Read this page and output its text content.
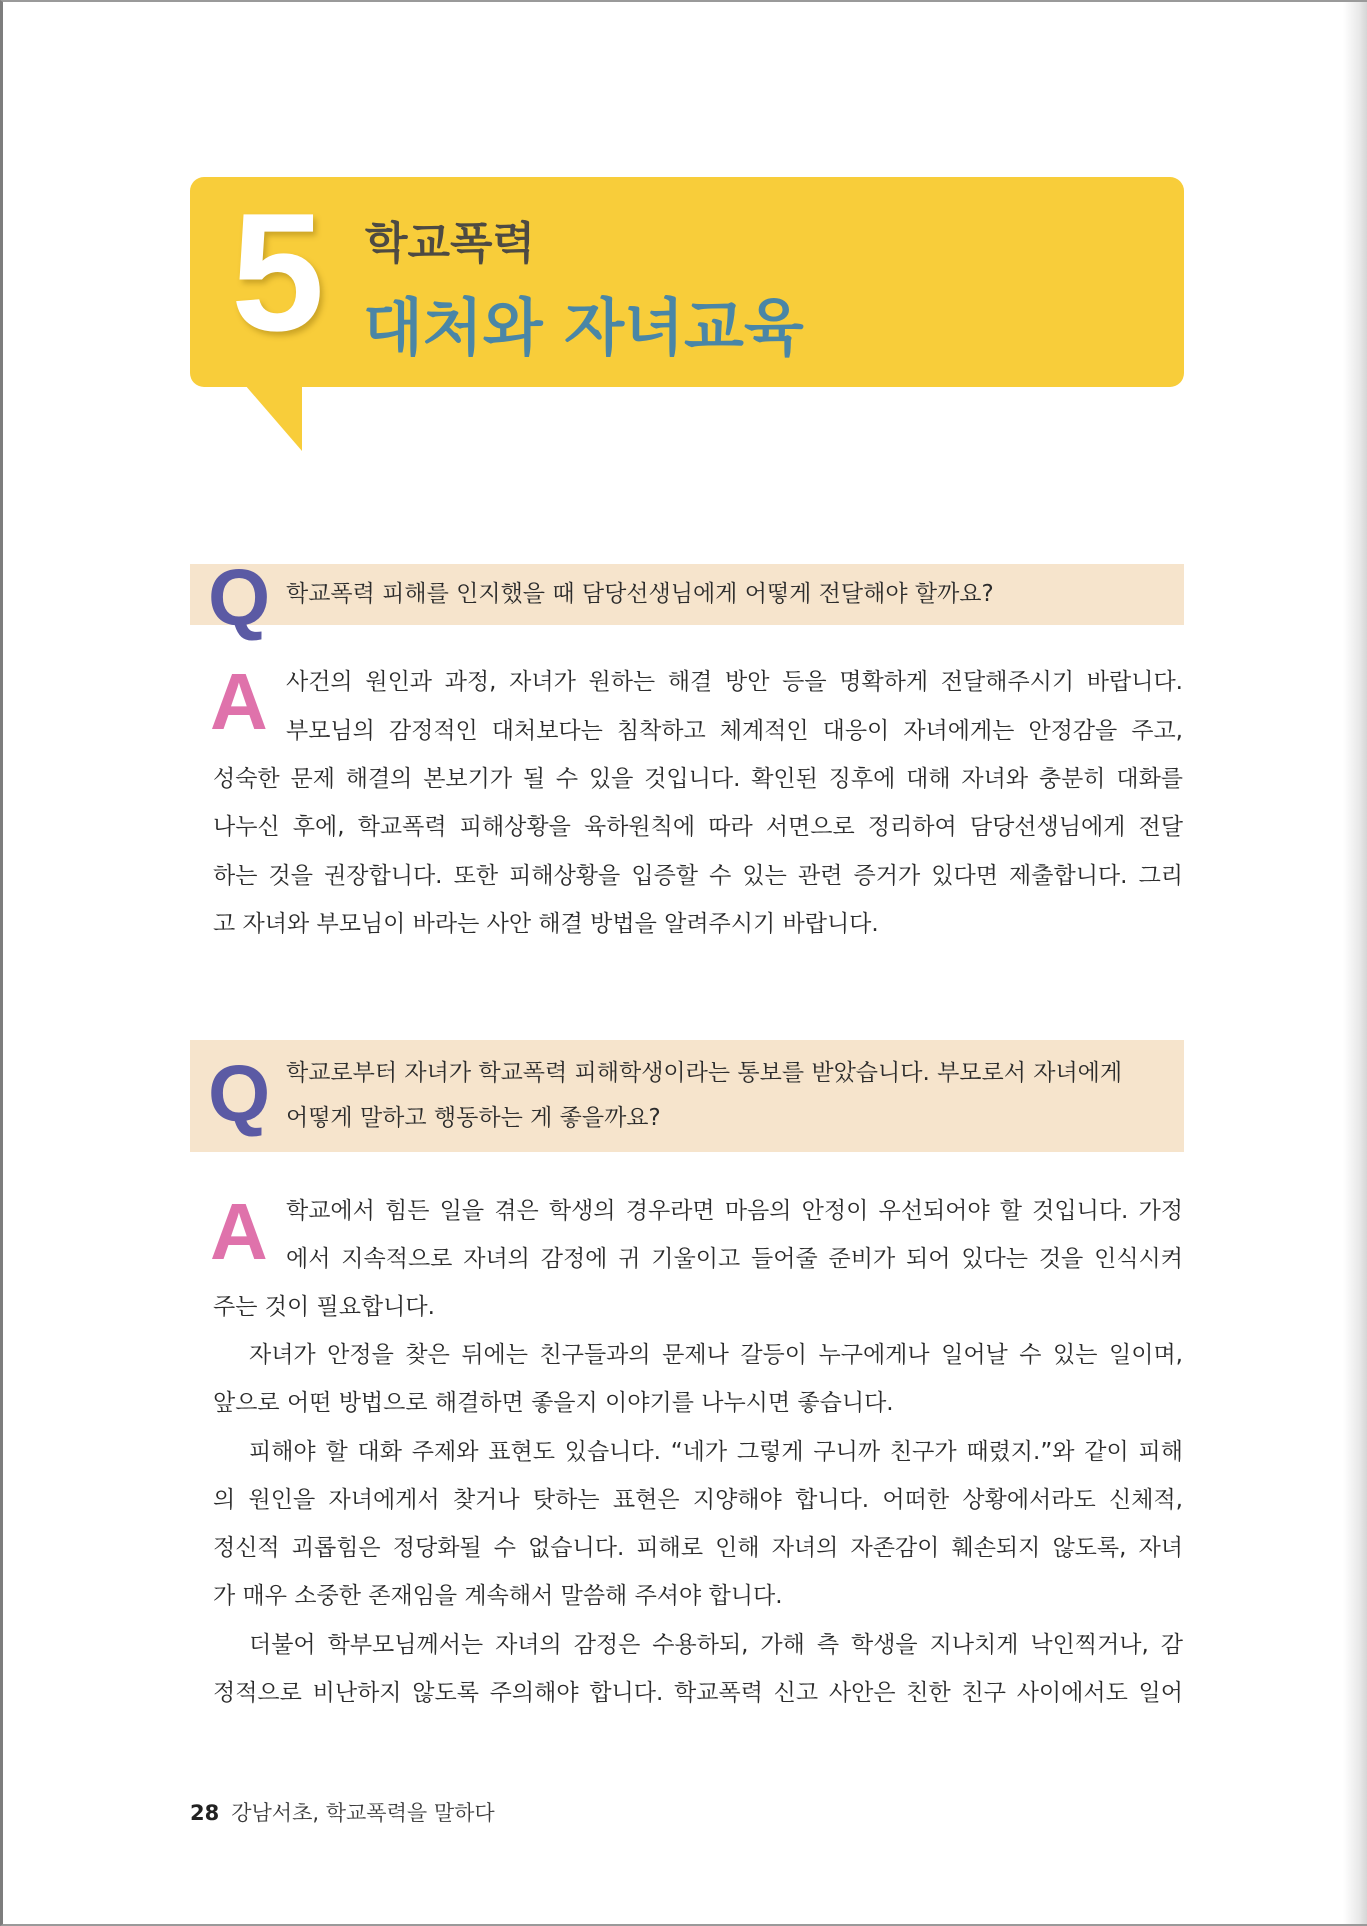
5 학교폭력
대처와 자녀교육
Q 학교폭력 피해를 인지했을 때 담당선생님에게 어떻게 전달해야 할까요?
A 사건의 원인과 과정, 자녀가 원하는 해결 방안 등을 명확하게 전달해주시기 바랍니다.
부모님의 감정적인 대처보다는 침착하고 체계적인 대응이 자녀에게는 안정감을 주고,
성숙한 문제 해결의 본보기가 될 수 있을 것입니다. 확인된 징후에 대해 자녀와 충분히 대화를
나누신 후에, 학교폭력 피해상황을 육하원칙에 따라 서면으로 정리하여 담당선생님에게 전달
하는 것을 권장합니다. 또한 피해상황을 입증할 수 있는 관련 증거가 있다면 제출합니다. 그리
고 자녀와 부모님이 바라는 사안 해결 방법을 알려주시기 바랍니다.
Q 학교로부터 자녀가 학교폭력 피해학생이라는 통보를 받았습니다. 부모로서 자녀에게
어떻게 말하고 행동하는 게 좋을까요?
A 학교에서 힘든 일을 겪은 학생의 경우라면 마음의 안정이 우선되어야 할 것입니다. 가정
에서 지속적으로 자녀의 감정에 귀 기울이고 들어줄 준비가 되어 있다는 것을 인식시켜
주는 것이 필요합니다.
자녀가 안정을 찾은 뒤에는 친구들과의 문제나 갈등이 누구에게나 일어날 수 있는 일이며,
앞으로 어떤 방법으로 해결하면 좋을지 이야기를 나누시면 좋습니다.
피해야 할 대화 주제와 표현도 있습니다. “네가 그렇게 구니까 친구가 때렸지.”와 같이 피해
의 원인을 자녀에게서 찾거나 탓하는 표현은 지양해야 합니다. 어떠한 상황에서라도 신체적,
정신적 괴롭힘은 정당화될 수 없습니다. 피해로 인해 자녀의 자존감이 훼손되지 않도록, 자녀
가 매우 소중한 존재임을 계속해서 말씀해 주셔야 합니다.
더불어 학부모님께서는 자녀의 감정은 수용하되, 가해 측 학생을 지나치게 낙인찍거나, 감
정적으로 비난하지 않도록 주의해야 합니다. 학교폭력 신고 사안은 친한 친구 사이에서도 일어
28 강남서초, 학교폭력을 말하다
